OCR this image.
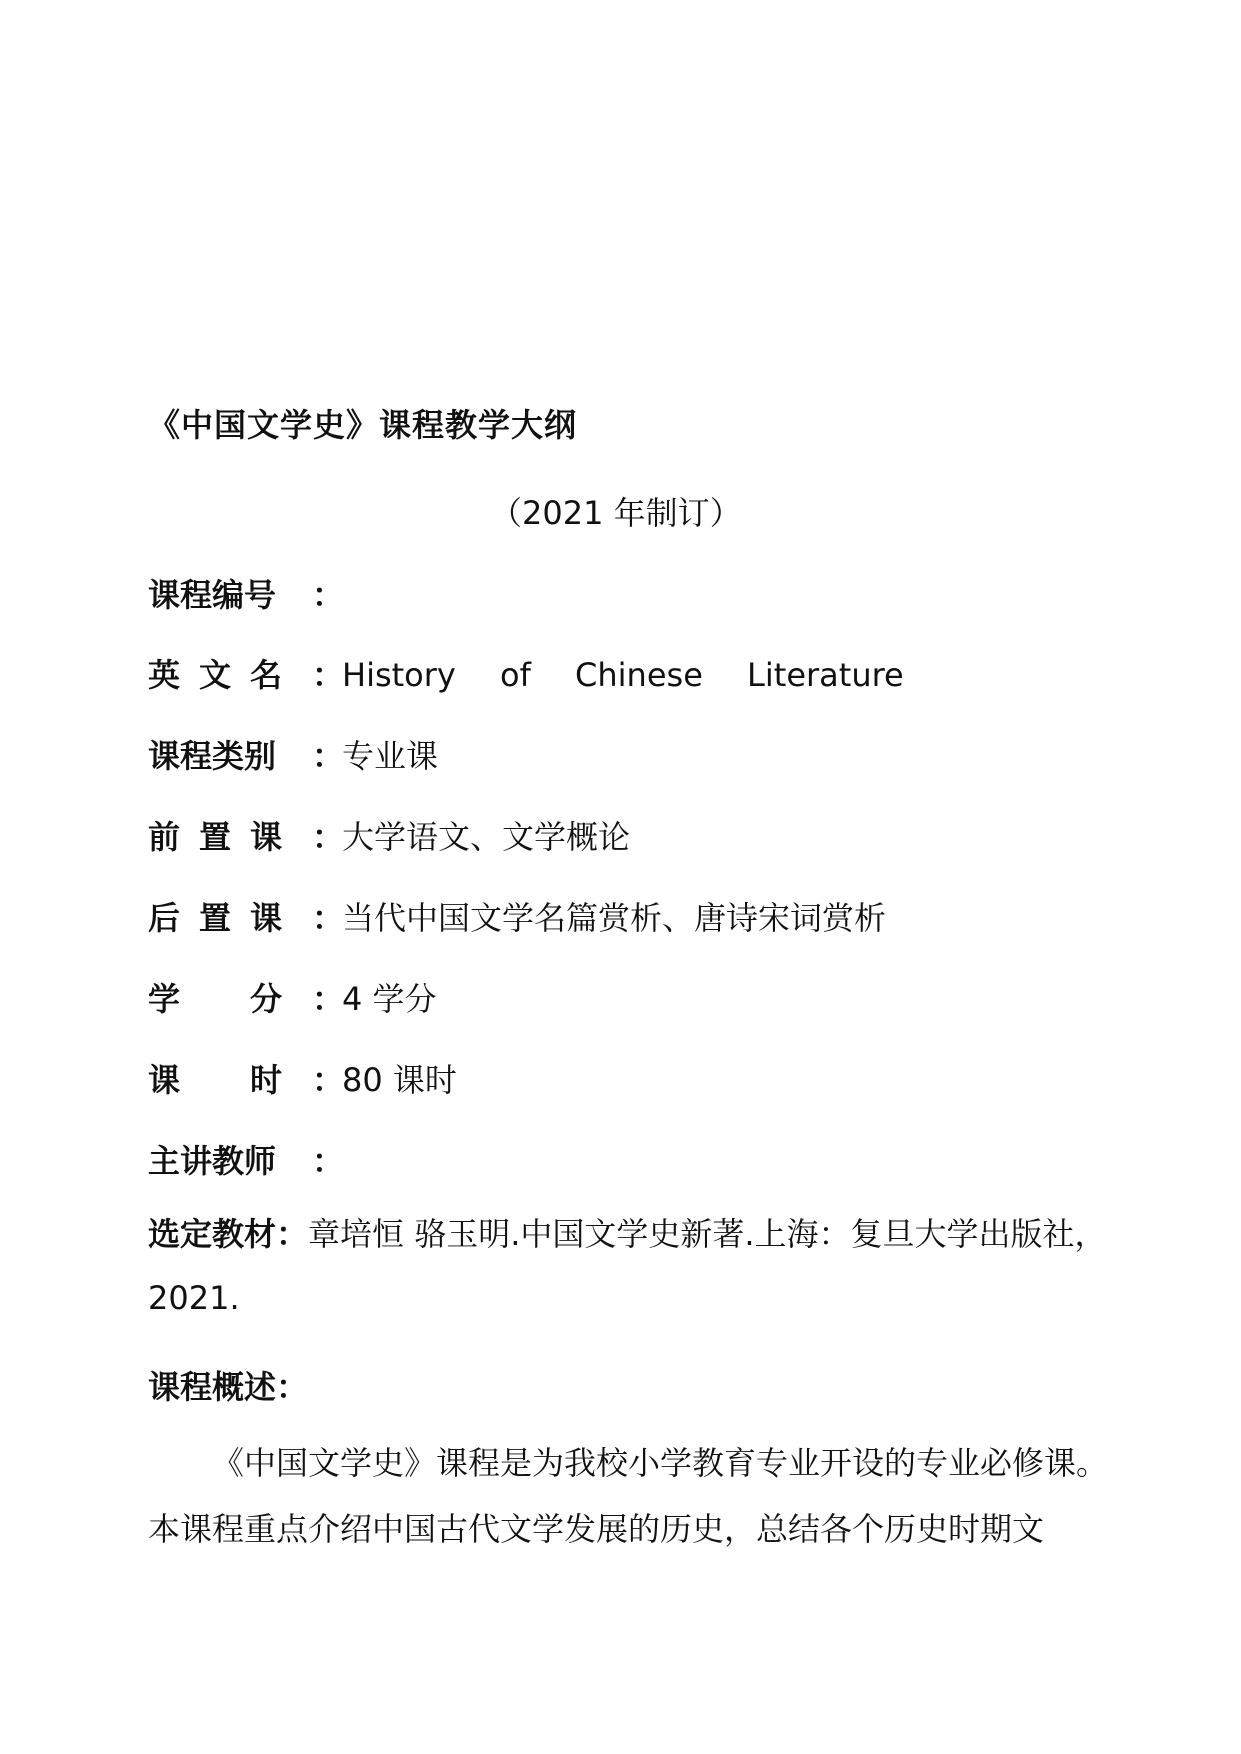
《中国文学史》课程教学大纲
（2021 年制订）
课程编号	：
英 文 名 ：
History of Chinese Literature
课程类别	：
专业课
前 置 课 ：
大学语文、文学概论
后 置 课 ：
当代中国文学名篇赏析、唐诗宋词赏析
学 分 ：
4 学分
课 时 ：
80 课时
主讲教师	：
选定教材：章培恒 骆玉明.中国文学史新著.上海：复旦大学出版社，2021.
课程概述：
《中国文学史》课程是为我校小学教育专业开设的专业必修课。本课程重点介绍中国古代文学发展的历史，总结各个历史时期文
